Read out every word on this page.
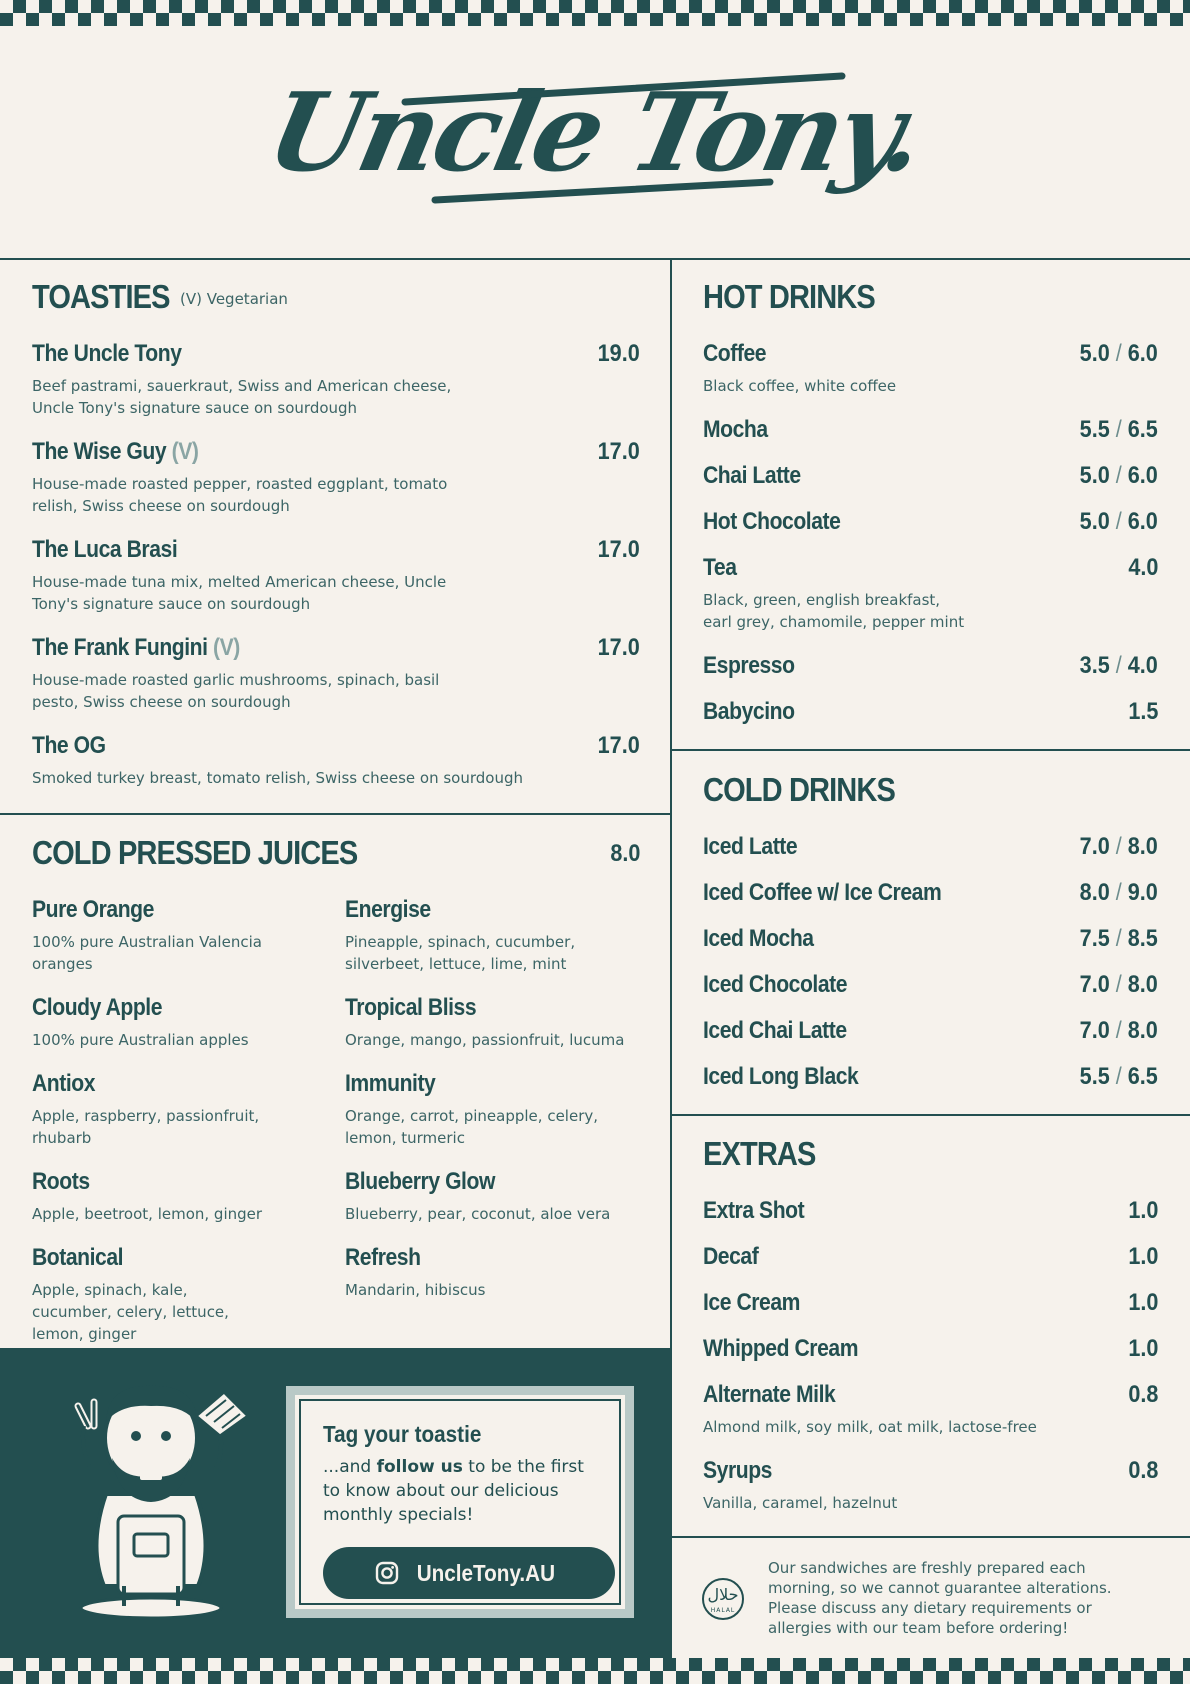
Uncle Tony.
TOASTIES (V) Vegetarian
The Uncle Tony	19.0
Beef pastrami, sauerkraut, Swiss and American cheese, Uncle Tony's signature sauce on sourdough
The Wise Guy (V)	17.0
House-made roasted pepper, roasted eggplant, tomato relish, Swiss cheese on sourdough
The Luca Brasi	17.0
House-made tuna mix, melted American cheese, Uncle Tony's signature sauce on sourdough
The Frank Fungini (V)	17.0
House-made roasted garlic mushrooms, spinach, basil pesto, Swiss cheese on sourdough
The OG	17.0
Smoked turkey breast, tomato relish, Swiss cheese on sourdough
COLD PRESSED JUICES	8.0
Pure Orange
100% pure Australian Valencia oranges
Energise
Pineapple, spinach, cucumber, silverbeet, lettuce, lime, mint
Cloudy Apple
100% pure Australian apples
Tropical Bliss
Orange, mango, passionfruit, lucuma
Antiox
Apple, raspberry, passionfruit, rhubarb
Immunity
Orange, carrot, pineapple, celery, lemon, turmeric
Roots
Apple, beetroot, lemon, ginger
Blueberry Glow
Blueberry, pear, coconut, aloe vera
Botanical
Apple, spinach, kale, cucumber, celery, lettuce, lemon, ginger
Refresh
Mandarin, hibiscus
Tag your toastie
...and follow us to be the first to know about our delicious monthly specials!
UncleTony.AU
HOT DRINKS
Coffee	5.0 / 6.0
Black coffee, white coffee
Mocha	5.5 / 6.5
Chai Latte	5.0 / 6.0
Hot Chocolate	5.0 / 6.0
Tea	4.0
Black, green, english breakfast,
earl grey, chamomile, pepper mint
Espresso	3.5 / 4.0
Babycino	1.5
COLD DRINKS
Iced Latte	7.0 / 8.0
Iced Coffee w/ Ice Cream	8.0 / 9.0
Iced Mocha	7.5 / 8.5
Iced Chocolate	7.0 / 8.0
Iced Chai Latte	7.0 / 8.0
Iced Long Black	5.5 / 6.5
EXTRAS
Extra Shot	1.0
Decaf	1.0
Ice Cream	1.0
Whipped Cream	1.0
Alternate Milk	0.8
Almond milk, soy milk, oat milk, lactose-free
Syrups	0.8
Vanilla, caramel, hazelnut
حلال
HALAL
Our sandwiches are freshly prepared each morning, so we cannot guarantee alterations. Please discuss any dietary requirements or allergies with our team before ordering!
